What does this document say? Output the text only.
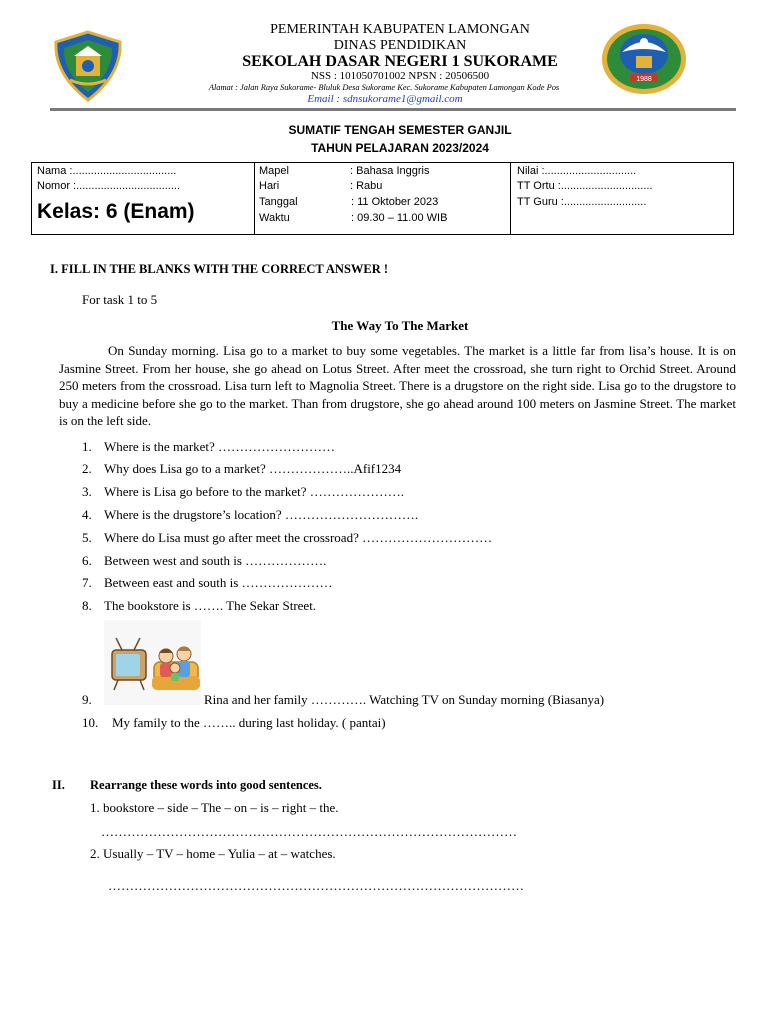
1988
PEMERINTAH KABUPATEN LAMONGAN
DINAS PENDIDIKAN
SEKOLAH DASAR NEGERI 1 SUKORAME
NSS : 101050701002 NPSN : 20506500
Alamat : Jalan Raya Sukorame- Bluluk Desa Sukorame Kec. Sukorame Kabupaten Lamongan Kode Pos
Email : sdnsukorame1@gmail.com
SUMATIF TENGAH SEMESTER GANJIL
TAHUN PELAJARAN 2023/2024
Nama :..................................
Nomor :..................................
Kelas: 6 (Enam)
Mapel	: Bahasa Inggris
Hari	: Rabu
Tanggal	: 11 Oktober 2023
Waktu	: 09.30 – 11.00 WIB
Nilai :..............................
TT Ortu :..............................
TT Guru :...........................
I. FILL IN THE BLANKS WITH THE CORRECT ANSWER !
For task 1 to 5
The Way To The Market

On Sunday morning. Lisa go to a market to buy some vegetables. The market is a little far from lisa’s house. It is on Jasmine Street. From her house, she go ahead on Lotus Street. After meet the crossroad, she turn right to Orchid Street. Around 250 meters from the crossroad. Lisa turn left to Magnolia Street. There is a drugstore on the right side. Lisa go to the drugstore to buy a medicine before she go to the market. Than from drugstore, she go ahead around 100 meters on Jasmine Street. The market is on the left side.

1. Where is the market? ………………………
2. Why does Lisa go to a market? ………………..Afif1234
3. Where is Lisa go before to the market? ………………….
4. Where is the drugstore’s location? ………………………….
5. Where do Lisa must go after meet the crossroad? …………………………
6. Between west and south is ……………….
7. Between east and south is …………………
8. The bookstore is ……. The Sekar Street.
9.	Rina and her family …………. Watching TV on Sunday morning (Biasanya)
10. My family to the …….. during last holiday. ( pantai)
II. Rearrange these words into good sentences.
1. bookstore – side – The – on – is – right – the.
……………………………………………………………………………………
2. Usually – TV – home – Yulia – at – watches.
……………………………………………………………………………………
